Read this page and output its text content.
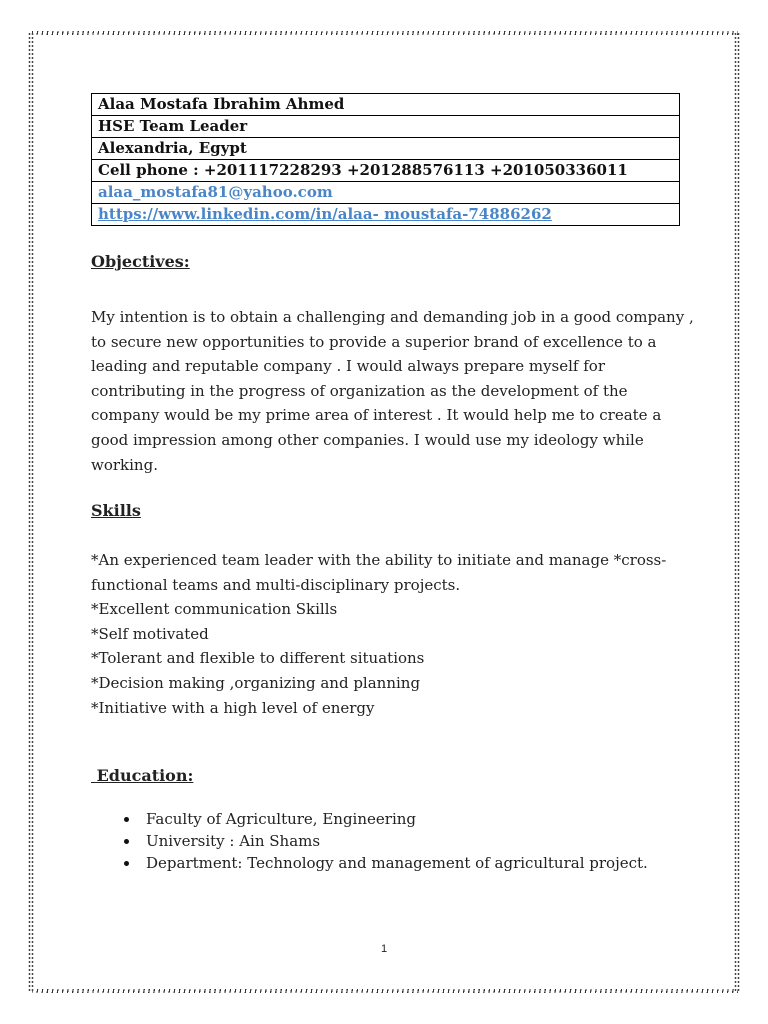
Alaa Mostafa Ibrahim Ahmed
HSE Team Leader
Alexandria, Egypt
Cell phone : +201117228293 +201288576113 +201050336011
alaa_mostafa81@yahoo.com
https://www.linkedin.com/in/alaa- moustafa-74886262
Objectives:
My intention is to obtain a challenging and demanding job in a good company ,
to secure new opportunities to provide a superior brand of excellence to a
leading and reputable company . I would always prepare myself for
contributing in the progress of organization as the development of the
company would be my prime area of interest . It would help me to create a
good impression among other companies. I would use my ideology while
working.
Skills
*An experienced team leader with the ability to initiate and manage *cross-
functional teams and multi-disciplinary projects.
*Excellent communication Skills
*Self motivated
*Tolerant and flexible to different situations
*Decision making ,organizing and planning
*Initiative with a high level of energy
Education:
Faculty of Agriculture, Engineering
University : Ain Shams
Department: Technology and management of agricultural project.
1
